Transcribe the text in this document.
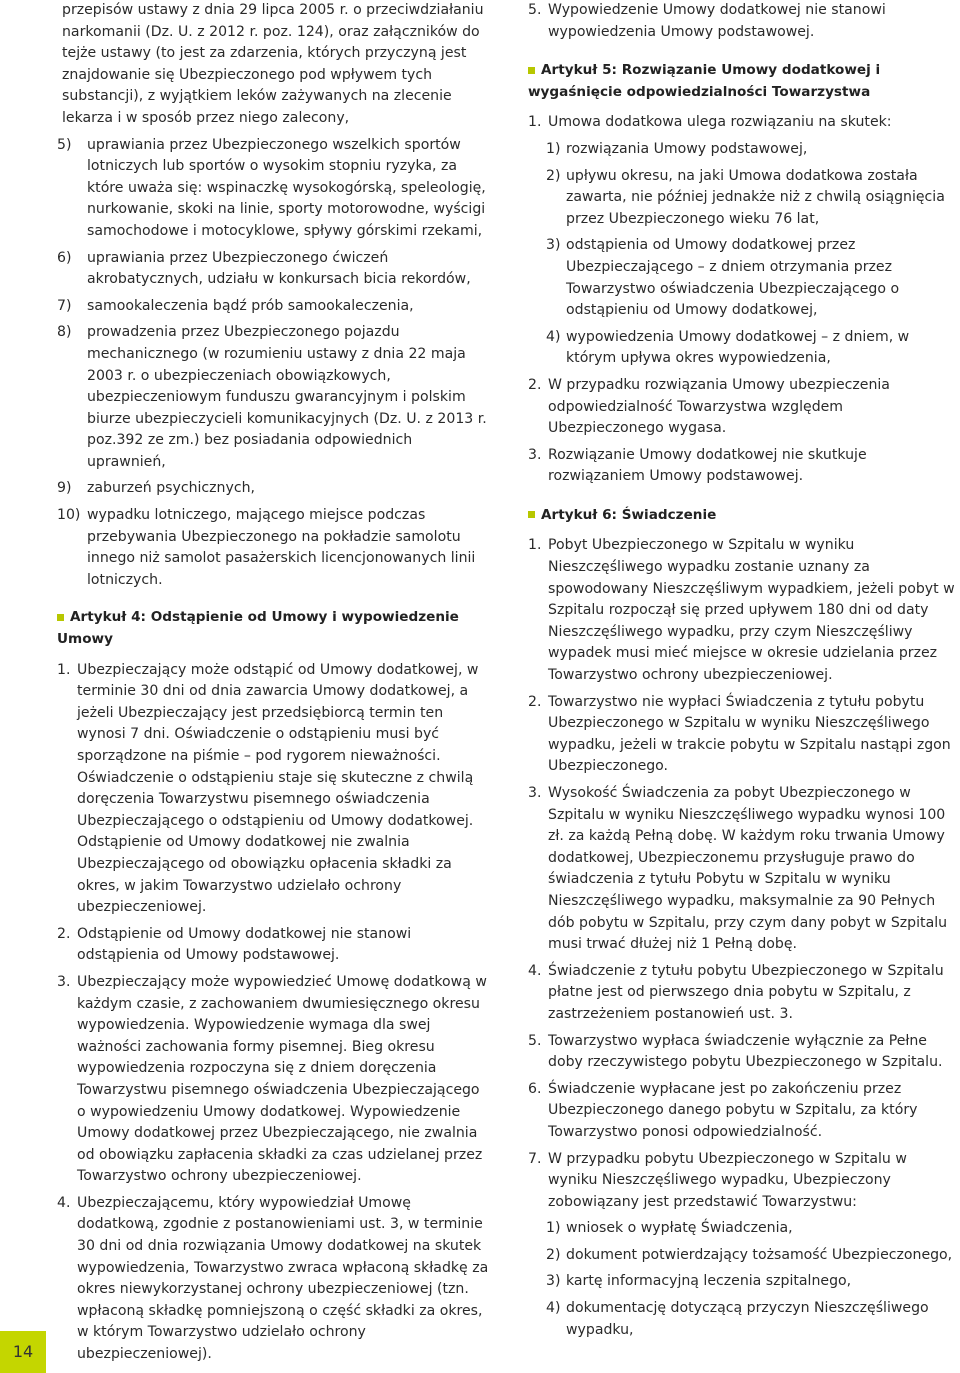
przepisów ustawy z dnia 29 lipca 2005 r. o przeciwdziałaniu narkomanii (Dz. U. z 2012 r. poz. 124), oraz załączników do tejże ustawy (to jest za zdarzenia, których przyczyną jest znajdowanie się Ubezpieczonego pod wpływem tych substancji), z wyjątkiem leków zażywanych na zlecenie lekarza i w sposób przez niego zalecony,

5) uprawiania przez Ubezpieczonego wszelkich sportów lotniczych lub sportów o wysokim stopniu ryzyka, za które uważa się: wspinaczkę wysokogórską, speleologię, nurkowanie, skoki na linie, sporty motorowodne, wyścigi samochodowe i motocyklowe, spływy górskimi rzekami,
6) uprawiania przez Ubezpieczonego ćwiczeń akrobatycznych, udziału w konkursach bicia rekordów,
7) samookaleczenia bądź prób samookaleczenia,
8) prowadzenia przez Ubezpieczonego pojazdu mechanicznego (w rozumieniu ustawy z dnia 22 maja 2003 r. o ubezpieczeniach obowiązkowych, ubezpieczeniowym funduszu gwarancyjnym i polskim biurze ubezpieczycieli komunikacyjnych (Dz. U. z 2013 r. poz.392 ze zm.) bez posiadania odpowiednich uprawnień,
9) zaburzeń psychicznych,
10) wypadku lotniczego, mającego miejsce podczas przebywania Ubezpieczonego na pokładzie samolotu innego niż samolot pasażerskich licencjonowanych linii lotniczych.
Artykuł 4: Odstąpienie od Umowy i wypowiedzenie Umowy
1. Ubezpieczający może odstąpić od Umowy dodatkowej, w terminie 30 dni od dnia zawarcia Umowy dodatkowej, a jeżeli Ubezpieczający jest przedsiębiorcą termin ten wynosi 7 dni. Oświadczenie o odstąpieniu musi być sporządzone na piśmie – pod rygorem nieważności. Oświadczenie o odstąpieniu staje się skuteczne z chwilą doręczenia Towarzystwu pisemnego oświadczenia Ubezpieczającego o odstąpieniu od Umowy dodatkowej. Odstąpienie od Umowy dodatkowej nie zwalnia Ubezpieczającego od obowiązku opłacenia składki za okres, w jakim Towarzystwo udzielało ochrony ubezpieczeniowej.
2. Odstąpienie od Umowy dodatkowej nie stanowi odstąpienia od Umowy podstawowej.
3. Ubezpieczający może wypowiedzieć Umowę dodatkową w każdym czasie, z zachowaniem dwumiesięcznego okresu wypowiedzenia. Wypowiedzenie wymaga dla swej ważności zachowania formy pisemnej. Bieg okresu wypowiedzenia rozpoczyna się z dniem doręczenia Towarzystwu pisemnego oświadczenia Ubezpieczającego o wypowiedzeniu Umowy dodatkowej. Wypowiedzenie Umowy dodatkowej przez Ubezpieczającego, nie zwalnia od obowiązku zapłacenia składki za czas udzielanej przez Towarzystwo ochrony ubezpieczeniowej.
4. Ubezpieczającemu, który wypowiedział Umowę dodatkową, zgodnie z postanowieniami ust. 3, w terminie 30 dni od dnia rozwiązania Umowy dodatkowej na skutek wypowiedzenia, Towarzystwo zwraca wpłaconą składkę za okres niewykorzystanej ochrony ubezpieczeniowej (tzn. wpłaconą składkę pomniejszoną o część składki za okres, w którym Towarzystwo udzielało ochrony ubezpieczeniowej).
5. Wypowiedzenie Umowy dodatkowej nie stanowi wypowiedzenia Umowy podstawowej.
Artykuł 5: Rozwiązanie Umowy dodatkowej i wygaśnięcie odpowiedzialności Towarzystwa
1. Umowa dodatkowa ulega rozwiązaniu na skutek:
1) rozwiązania Umowy podstawowej,
2) upływu okresu, na jaki Umowa dodatkowa została zawarta, nie później jednakże niż z chwilą osiągnięcia przez Ubezpieczonego wieku 76 lat,
3) odstąpienia od Umowy dodatkowej przez Ubezpieczającego – z dniem otrzymania przez Towarzystwo oświadczenia Ubezpieczającego o odstąpieniu od Umowy dodatkowej,
4) wypowiedzenia Umowy dodatkowej – z dniem, w którym upływa okres wypowiedzenia,
2. W przypadku rozwiązania Umowy ubezpieczenia odpowiedzialność Towarzystwa względem Ubezpieczonego wygasa.
3. Rozwiązanie Umowy dodatkowej nie skutkuje rozwiązaniem Umowy podstawowej.
Artykuł 6: Świadczenie
1. Pobyt Ubezpieczonego w Szpitalu w wyniku Nieszczęśliwego wypadku zostanie uznany za spowodowany Nieszczęśliwym wypadkiem, jeżeli pobyt w Szpitalu rozpoczął się przed upływem 180 dni od daty Nieszczęśliwego wypadku, przy czym Nieszczęśliwy wypadek musi mieć miejsce w okresie udzielania przez Towarzystwo ochrony ubezpieczeniowej.
2. Towarzystwo nie wypłaci Świadczenia z tytułu pobytu Ubezpieczonego w Szpitalu w wyniku Nieszczęśliwego wypadku, jeżeli w trakcie pobytu w Szpitalu nastąpi zgon Ubezpieczonego.
3. Wysokość Świadczenia za pobyt Ubezpieczonego w Szpitalu w wyniku Nieszczęśliwego wypadku wynosi 100 zł. za każdą Pełną dobę. W każdym roku trwania Umowy dodatkowej, Ubezpieczonemu przysługuje prawo do świadczenia z tytułu Pobytu w Szpitalu w wyniku Nieszczęśliwego wypadku, maksymalnie za 90 Pełnych dób pobytu w Szpitalu, przy czym dany pobyt w Szpitalu musi trwać dłużej niż 1 Pełną dobę.
4. Świadczenie z tytułu pobytu Ubezpieczonego w Szpitalu płatne jest od pierwszego dnia pobytu w Szpitalu, z zastrzeżeniem postanowień ust. 3.
5. Towarzystwo wypłaca świadczenie wyłącznie za Pełne doby rzeczywistego pobytu Ubezpieczonego w Szpitalu.
6. Świadczenie wypłacane jest po zakończeniu przez Ubezpieczonego danego pobytu w Szpitalu, za który Towarzystwo ponosi odpowiedzialność.
7. W przypadku pobytu Ubezpieczonego w Szpitalu w wyniku Nieszczęśliwego wypadku, Ubezpieczony zobowiązany jest przedstawić Towarzystwu:
1) wniosek o wypłatę Świadczenia,
2) dokument potwierdzający tożsamość Ubezpieczonego,
3) kartę informacyjną leczenia szpitalnego,
4) dokumentację dotyczącą przyczyn Nieszczęśliwego wypadku,
14
